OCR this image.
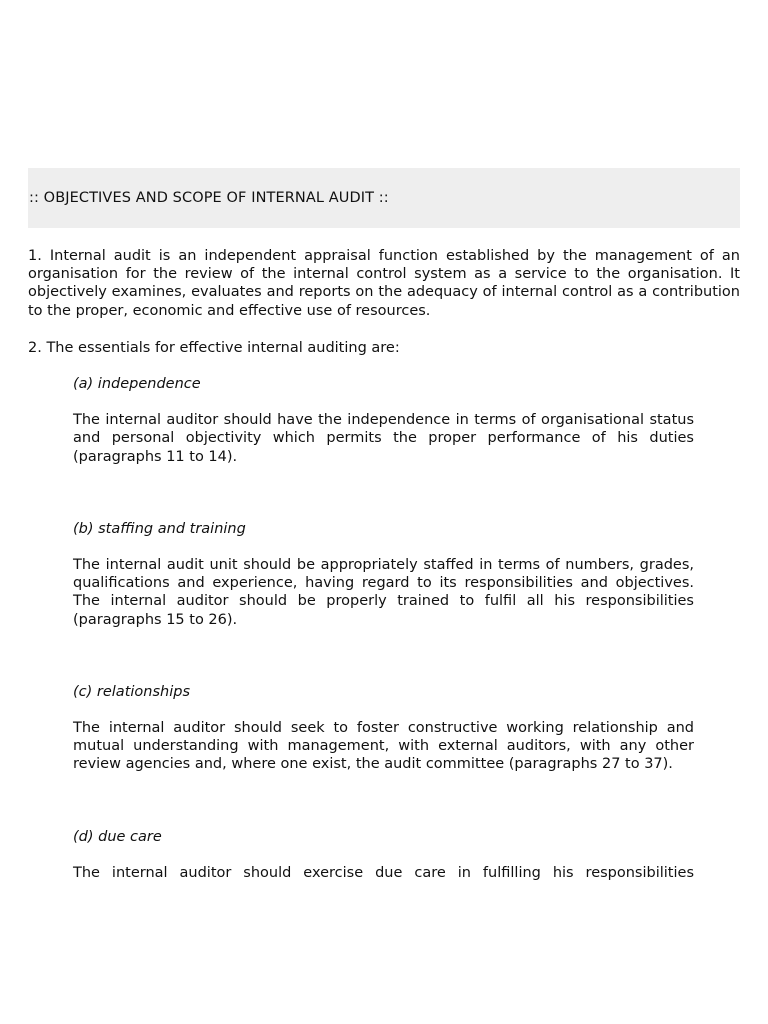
:: OBJECTIVES AND SCOPE OF INTERNAL AUDIT ::

1. Internal audit is an independent appraisal function established by the management of an organisation for the review of the internal control system as a service to the organisation. It objectively examines, evaluates and reports on the adequacy of internal control as a contribution to the proper, economic and effective use of resources.

2. The essentials for effective internal auditing are:

(a) independence

The internal auditor should have the independence in terms of organisational status and personal objectivity which permits the proper performance of his duties (paragraphs 11 to 14).

(b) staffing and training

The internal audit unit should be appropriately staffed in terms of numbers, grades, qualifications and experience, having regard to its responsibilities and objectives. The internal auditor should be properly trained to fulfil all his responsibilities (paragraphs 15 to 26).

(c) relationships

The internal auditor should seek to foster constructive working relationship and mutual understanding with management, with external auditors, with any other review agencies and, where one exist, the audit committee (paragraphs 27 to 37).

(d) due care

The internal auditor should exercise due care in fulfilling his responsibilities
